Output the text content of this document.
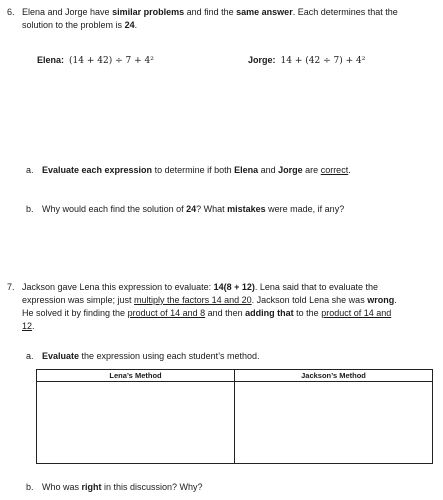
6. Elena and Jorge have similar problems and find the same answer. Each determines that the
solution to the problem is 24.
Elena: (14 + 42) ÷ 7 + 4²	Jorge: 14 + (42 ÷ 7) + 4²
a. Evaluate each expression to determine if both Elena and Jorge are correct.
b. Why would each find the solution of 24? What mistakes were made, if any?
7. Jackson gave Lena this expression to evaluate: 14(8 + 12). Lena said that to evaluate the
expression was simple; just multiply the factors 14 and 20. Jackson told Lena she was wrong.
He solved it by finding the product of 14 and 8 and then adding that to the product of 14 and
12.
a. Evaluate the expression using each student’s method.
Lena’s Method	Jackson’s Method

b. Who was right in this discussion? Why?
